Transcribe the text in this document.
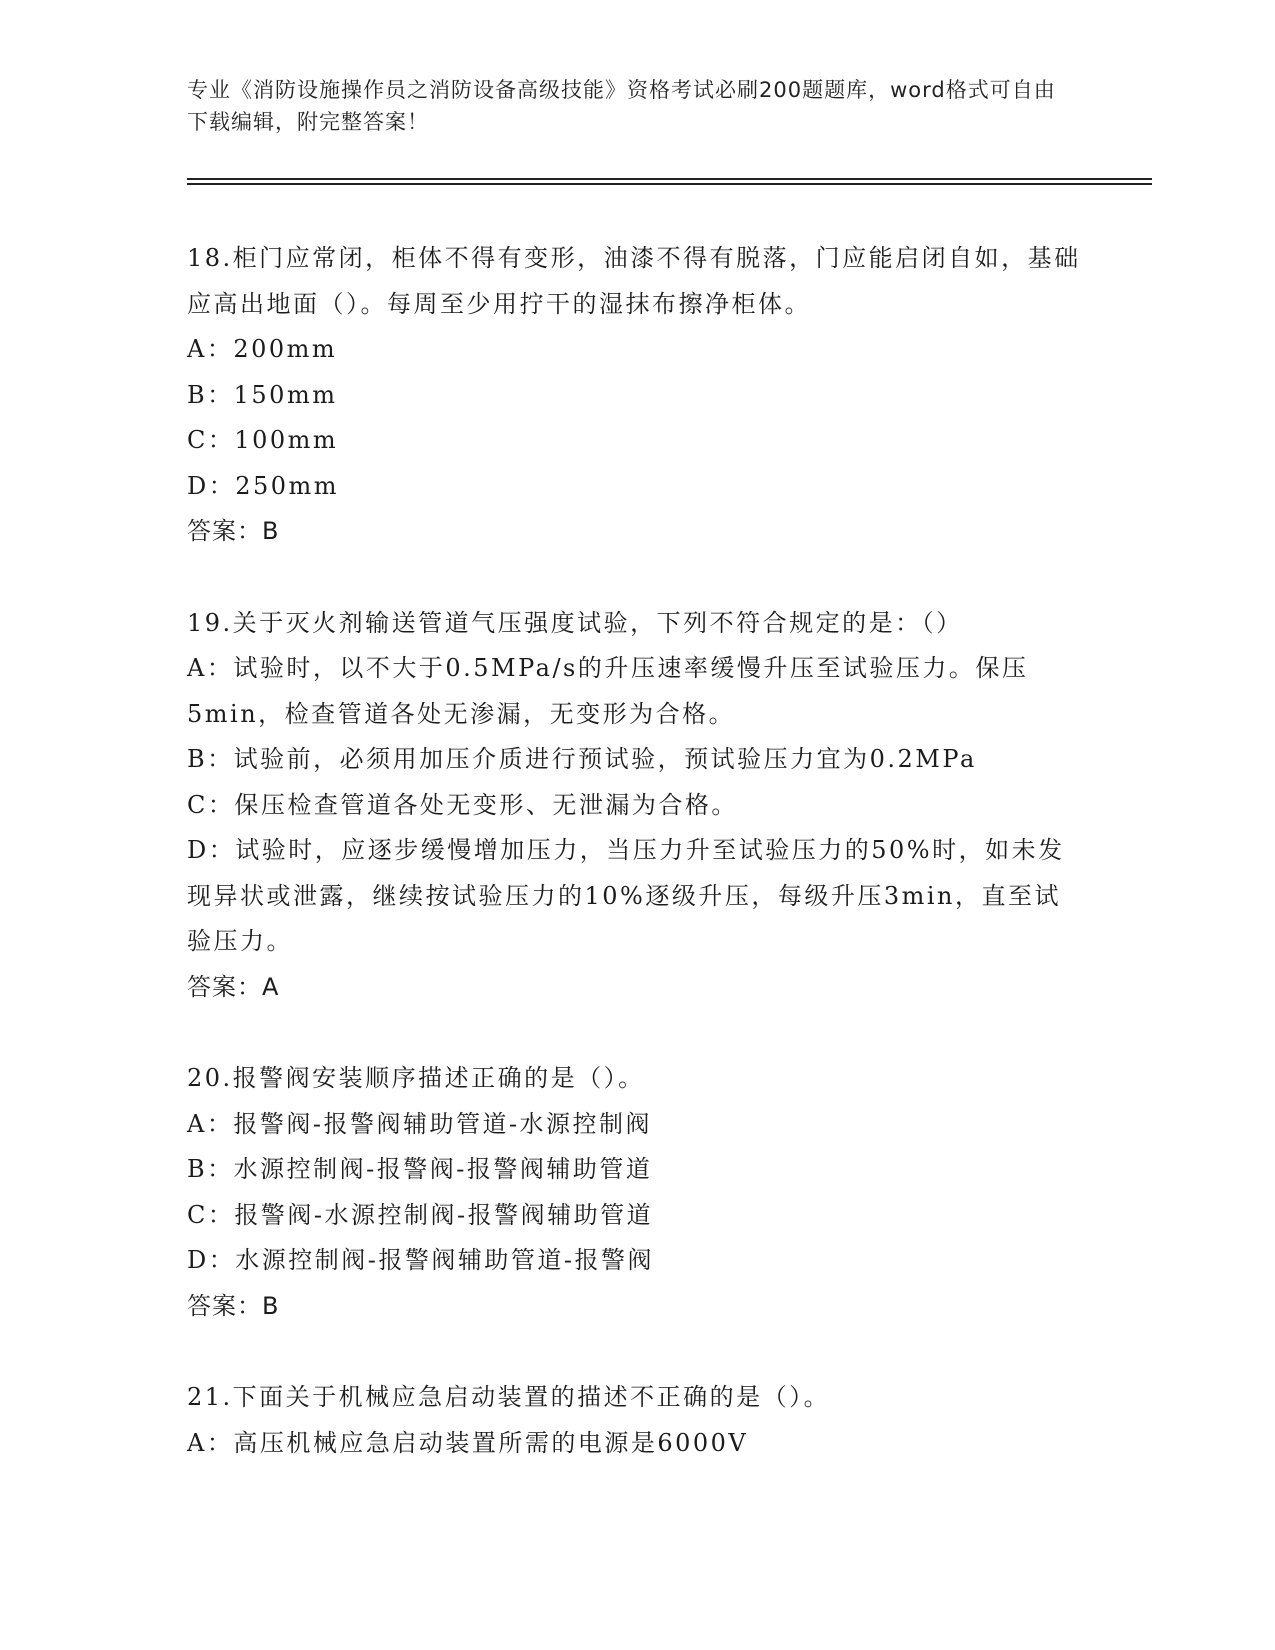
专业《消防设施操作员之消防设备高级技能》资格考试必刷200题题库，word格式可自由下载编辑，附完整答案！

18.柜门应常闭，柜体不得有变形，油漆不得有脱落，门应能启闭自如，基础应高出地面（）。每周至少用拧干的湿抹布擦净柜体。

A：200mm

B：150mm

C：100mm

D：250mm

答案：B

19.关于灭火剂输送管道气压强度试验，下列不符合规定的是：（）

A：试验时，以不大于0.5MPa/s的升压速率缓慢升压至试验压力。保压5min，检查管道各处无渗漏，无变形为合格。

B：试验前，必须用加压介质进行预试验，预试验压力宜为0.2MPa

C：保压检查管道各处无变形、无泄漏为合格。

D：试验时，应逐步缓慢增加压力，当压力升至试验压力的50%时，如未发现异状或泄露，继续按试验压力的10%逐级升压，每级升压3min，直至试验压力。

答案：A

20.报警阀安装顺序描述正确的是（）。

A：报警阀-报警阀辅助管道-水源控制阀

B：水源控制阀-报警阀-报警阀辅助管道

C：报警阀-水源控制阀-报警阀辅助管道

D：水源控制阀-报警阀辅助管道-报警阀

答案：B

21.下面关于机械应急启动装置的描述不正确的是（）。

A：高压机械应急启动装置所需的电源是6000V
